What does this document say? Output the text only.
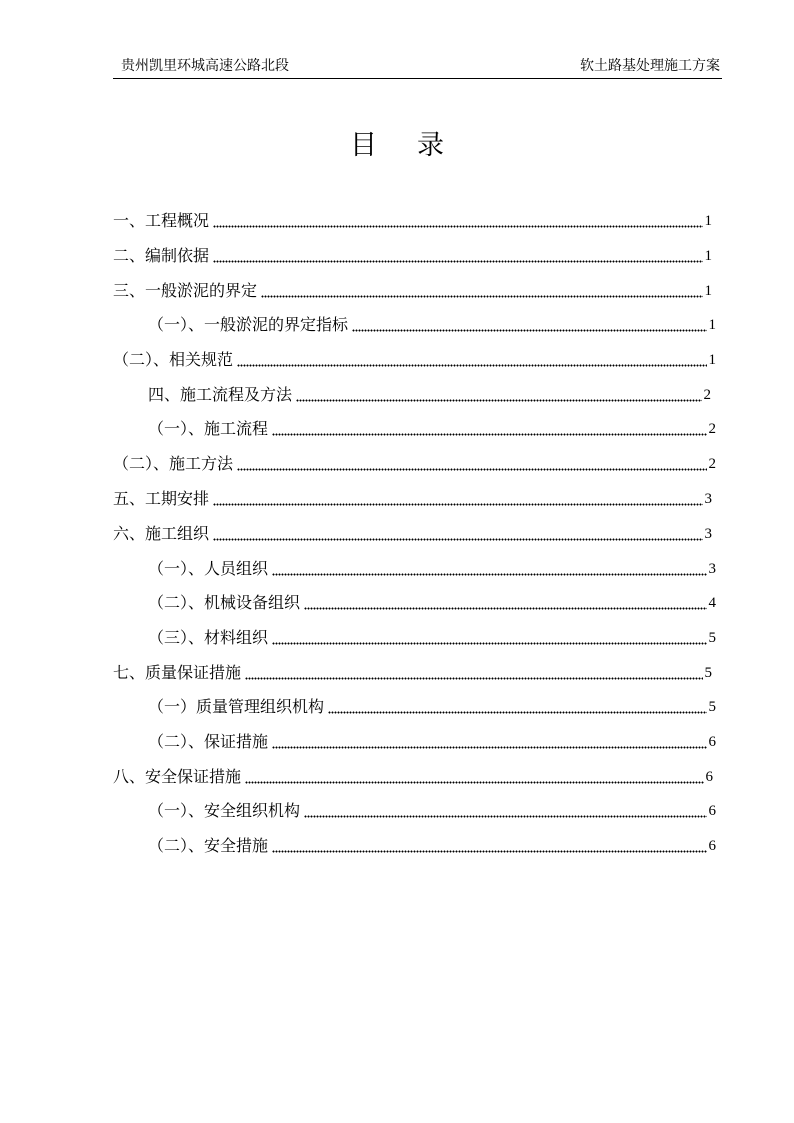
贵州凯里环城高速公路北段	软土路基处理施工方案
目录
一、工程概况	1
二、编制依据	1
三、一般淤泥的界定	1
（一）、一般淤泥的界定指标	1
（二）、相关规范	1
四、施工流程及方法	2
（一）、施工流程	2
（二）、施工方法	2
五、工期安排	3
六、施工组织	3
（一）、人员组织	3
（二）、机械设备组织	4
（三）、材料组织	5
七、质量保证措施	5
（一）质量管理组织机构	5
（二）、保证措施	6
八、安全保证措施	6
（一）、安全组织机构	6
（二）、安全措施	6
